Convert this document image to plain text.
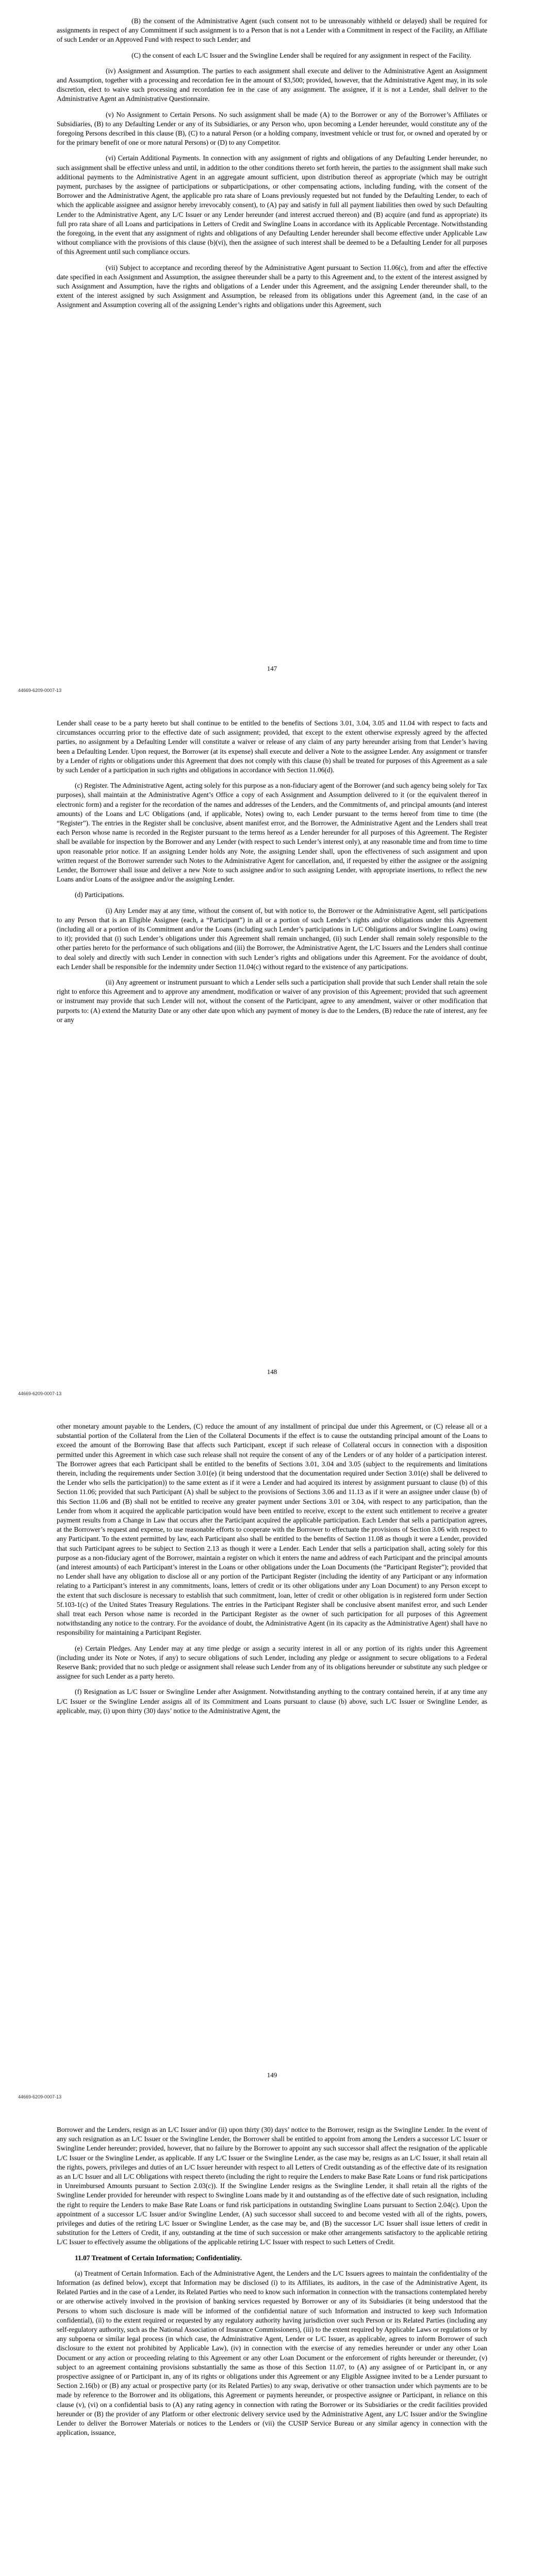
(B) the consent of the Administrative Agent (such consent not to be unreasonably withheld or delayed) shall be required for assignments in respect of any Commitment if such assignment is to a Person that is not a Lender with a Commitment in respect of the Facility, an Affiliate of such Lender or an Approved Fund with respect to such Lender; and

(C) the consent of each L/C Issuer and the Swingline Lender shall be required for any assignment in respect of the Facility.

(iv) Assignment and Assumption. The parties to each assignment shall execute and deliver to the Administrative Agent an Assignment and Assumption, together with a processing and recordation fee in the amount of $3,500; provided, however, that the Administrative Agent may, in its sole discretion, elect to waive such processing and recordation fee in the case of any assignment. The assignee, if it is not a Lender, shall deliver to the Administrative Agent an Administrative Questionnaire.

(v) No Assignment to Certain Persons. No such assignment shall be made (A) to the Borrower or any of the Borrower’s Affiliates or Subsidiaries, (B) to any Defaulting Lender or any of its Subsidiaries, or any Person who, upon becoming a Lender hereunder, would constitute any of the foregoing Persons described in this clause (B), (C) to a natural Person (or a holding company, investment vehicle or trust for, or owned and operated by or for the primary benefit of one or more natural Persons) or (D) to any Competitor.

(vi) Certain Additional Payments. In connection with any assignment of rights and obligations of any Defaulting Lender hereunder, no such assignment shall be effective unless and until, in addition to the other conditions thereto set forth herein, the parties to the assignment shall make such additional payments to the Administrative Agent in an aggregate amount sufficient, upon distribution thereof as appropriate (which may be outright payment, purchases by the assignee of participations or subparticipations, or other compensating actions, including funding, with the consent of the Borrower and the Administrative Agent, the applicable pro rata share of Loans previously requested but not funded by the Defaulting Lender, to each of which the applicable assignee and assignor hereby irrevocably consent), to (A) pay and satisfy in full all payment liabilities then owed by such Defaulting Lender to the Administrative Agent, any L/C Issuer or any Lender hereunder (and interest accrued thereon) and (B) acquire (and fund as appropriate) its full pro rata share of all Loans and participations in Letters of Credit and Swingline Loans in accordance with its Applicable Percentage. Notwithstanding the foregoing, in the event that any assignment of rights and obligations of any Defaulting Lender hereunder shall become effective under Applicable Law without compliance with the provisions of this clause (b)(vi), then the assignee of such interest shall be deemed to be a Defaulting Lender for all purposes of this Agreement until such compliance occurs.

(vii) Subject to acceptance and recording thereof by the Administrative Agent pursuant to Section 11.06(c), from and after the effective date specified in each Assignment and Assumption, the assignee thereunder shall be a party to this Agreement and, to the extent of the interest assigned by such Assignment and Assumption, have the rights and obligations of a Lender under this Agreement, and the assigning Lender thereunder shall, to the extent of the interest assigned by such Assignment and Assumption, be released from its obligations under this Agreement (and, in the case of an Assignment and Assumption covering all of the assigning Lender’s rights and obligations under this Agreement, such

147
44669-6209-0007-13

Lender shall cease to be a party hereto but shall continue to be entitled to the benefits of Sections 3.01, 3.04, 3.05 and 11.04 with respect to facts and circumstances occurring prior to the effective date of such assignment; provided, that except to the extent otherwise expressly agreed by the affected parties, no assignment by a Defaulting Lender will constitute a waiver or release of any claim of any party hereunder arising from that Lender’s having been a Defaulting Lender. Upon request, the Borrower (at its expense) shall execute and deliver a Note to the assignee Lender. Any assignment or transfer by a Lender of rights or obligations under this Agreement that does not comply with this clause (b) shall be treated for purposes of this Agreement as a sale by such Lender of a participation in such rights and obligations in accordance with Section 11.06(d).

(c) Register. The Administrative Agent, acting solely for this purpose as a non-fiduciary agent of the Borrower (and such agency being solely for Tax purposes), shall maintain at the Administrative Agent’s Office a copy of each Assignment and Assumption delivered to it (or the equivalent thereof in electronic form) and a register for the recordation of the names and addresses of the Lenders, and the Commitments of, and principal amounts (and interest amounts) of the Loans and L/C Obligations (and, if applicable, Notes) owing to, each Lender pursuant to the terms hereof from time to time (the “Register”). The entries in the Register shall be conclusive, absent manifest error, and the Borrower, the Administrative Agent and the Lenders shall treat each Person whose name is recorded in the Register pursuant to the terms hereof as a Lender hereunder for all purposes of this Agreement. The Register shall be available for inspection by the Borrower and any Lender (with respect to such Lender’s interest only), at any reasonable time and from time to time upon reasonable prior notice. If an assigning Lender holds any Note, the assigning Lender shall, upon the effectiveness of such assignment and upon written request of the Borrower surrender such Notes to the Administrative Agent for cancellation, and, if requested by either the assignee or the assigning Lender, the Borrower shall issue and deliver a new Note to such assignee and/or to such assigning Lender, with appropriate insertions, to reflect the new Loans and/or Loans of the assignee and/or the assigning Lender.

(d) Participations.

(i) Any Lender may at any time, without the consent of, but with notice to, the Borrower or the Administrative Agent, sell participations to any Person that is an Eligible Assignee (each, a “Participant”) in all or a portion of such Lender’s rights and/or obligations under this Agreement (including all or a portion of its Commitment and/or the Loans (including such Lender’s participations in L/C Obligations and/or Swingline Loans) owing to it); provided that (i) such Lender’s obligations under this Agreement shall remain unchanged, (ii) such Lender shall remain solely responsible to the other parties hereto for the performance of such obligations and (iii) the Borrower, the Administrative Agent, the L/C Issuers and the Lenders shall continue to deal solely and directly with such Lender in connection with such Lender’s rights and obligations under this Agreement. For the avoidance of doubt, each Lender shall be responsible for the indemnity under Section 11.04(c) without regard to the existence of any participations.

(ii) Any agreement or instrument pursuant to which a Lender sells such a participation shall provide that such Lender shall retain the sole right to enforce this Agreement and to approve any amendment, modification or waiver of any provision of this Agreement; provided that such agreement or instrument may provide that such Lender will not, without the consent of the Participant, agree to any amendment, waiver or other modification that purports to: (A) extend the Maturity Date or any other date upon which any payment of money is due to the Lenders, (B) reduce the rate of interest, any fee or any

148
44669-6209-0007-13

other monetary amount payable to the Lenders, (C) reduce the amount of any installment of principal due under this Agreement, or (C) release all or a substantial portion of the Collateral from the Lien of the Collateral Documents if the effect is to cause the outstanding principal amount of the Loans to exceed the amount of the Borrowing Base that affects such Participant, except if such release of Collateral occurs in connection with a disposition permitted under this Agreement in which case such release shall not require the consent of any of the Lenders or of any holder of a participation interest. The Borrower agrees that each Participant shall be entitled to the benefits of Sections 3.01, 3.04 and 3.05 (subject to the requirements and limitations therein, including the requirements under Section 3.01(e) (it being understood that the documentation required under Section 3.01(e) shall be delivered to the Lender who sells the participation)) to the same extent as if it were a Lender and had acquired its interest by assignment pursuant to clause (b) of this Section 11.06; provided that such Participant (A) shall be subject to the provisions of Sections 3.06 and 11.13 as if it were an assignee under clause (b) of this Section 11.06 and (B) shall not be entitled to receive any greater payment under Sections 3.01 or 3.04, with respect to any participation, than the Lender from whom it acquired the applicable participation would have been entitled to receive, except to the extent such entitlement to receive a greater payment results from a Change in Law that occurs after the Participant acquired the applicable participation. Each Lender that sells a participation agrees, at the Borrower’s request and expense, to use reasonable efforts to cooperate with the Borrower to effectuate the provisions of Section 3.06 with respect to any Participant. To the extent permitted by law, each Participant also shall be entitled to the benefits of Section 11.08 as though it were a Lender, provided that such Participant agrees to be subject to Section 2.13 as though it were a Lender. Each Lender that sells a participation shall, acting solely for this purpose as a non-fiduciary agent of the Borrower, maintain a register on which it enters the name and address of each Participant and the principal amounts (and interest amounts) of each Participant’s interest in the Loans or other obligations under the Loan Documents (the “Participant Register”); provided that no Lender shall have any obligation to disclose all or any portion of the Participant Register (including the identity of any Participant or any information relating to a Participant’s interest in any commitments, loans, letters of credit or its other obligations under any Loan Document) to any Person except to the extent that such disclosure is necessary to establish that such commitment, loan, letter of credit or other obligation is in registered form under Section 5f.103-1(c) of the United States Treasury Regulations. The entries in the Participant Register shall be conclusive absent manifest error, and such Lender shall treat each Person whose name is recorded in the Participant Register as the owner of such participation for all purposes of this Agreement notwithstanding any notice to the contrary. For the avoidance of doubt, the Administrative Agent (in its capacity as the Administrative Agent) shall have no responsibility for maintaining a Participant Register.

(e) Certain Pledges. Any Lender may at any time pledge or assign a security interest in all or any portion of its rights under this Agreement (including under its Note or Notes, if any) to secure obligations of such Lender, including any pledge or assignment to secure obligations to a Federal Reserve Bank; provided that no such pledge or assignment shall release such Lender from any of its obligations hereunder or substitute any such pledgee or assignee for such Lender as a party hereto.

(f) Resignation as L/C Issuer or Swingline Lender after Assignment. Notwithstanding anything to the contrary contained herein, if at any time any L/C Issuer or the Swingline Lender assigns all of its Commitment and Loans pursuant to clause (b) above, such L/C Issuer or Swingline Lender, as applicable, may, (i) upon thirty (30) days’ notice to the Administrative Agent, the

149
44669-6209-0007-13

Borrower and the Lenders, resign as an L/C Issuer and/or (ii) upon thirty (30) days’ notice to the Borrower, resign as the Swingline Lender. In the event of any such resignation as an L/C Issuer or the Swingline Lender, the Borrower shall be entitled to appoint from among the Lenders a successor L/C Issuer or Swingline Lender hereunder; provided, however, that no failure by the Borrower to appoint any such successor shall affect the resignation of the applicable L/C Issuer or the Swingline Lender, as applicable. If any L/C Issuer or the Swingline Lender, as the case may be, resigns as an L/C Issuer, it shall retain all the rights, powers, privileges and duties of an L/C Issuer hereunder with respect to all Letters of Credit outstanding as of the effective date of its resignation as an L/C Issuer and all L/C Obligations with respect thereto (including the right to require the Lenders to make Base Rate Loans or fund risk participations in Unreimbursed Amounts pursuant to Section 2.03(c)). If the Swingline Lender resigns as the Swingline Lender, it shall retain all the rights of the Swingline Lender provided for hereunder with respect to Swingline Loans made by it and outstanding as of the effective date of such resignation, including the right to require the Lenders to make Base Rate Loans or fund risk participations in outstanding Swingline Loans pursuant to Section 2.04(c). Upon the appointment of a successor L/C Issuer and/or Swingline Lender, (A) such successor shall succeed to and become vested with all of the rights, powers, privileges and duties of the retiring L/C Issuer or Swingline Lender, as the case may be, and (B) the successor L/C Issuer shall issue letters of credit in substitution for the Letters of Credit, if any, outstanding at the time of such succession or make other arrangements satisfactory to the applicable retiring L/C Issuer to effectively assume the obligations of the applicable retiring L/C Issuer with respect to such Letters of Credit.

11.07 Treatment of Certain Information; Confidentiality.

(a) Treatment of Certain Information. Each of the Administrative Agent, the Lenders and the L/C Issuers agrees to maintain the confidentiality of the Information (as defined below), except that Information may be disclosed (i) to its Affiliates, its auditors, in the case of the Administrative Agent, its Related Parties and in the case of a Lender, its Related Parties who need to know such information in connection with the transactions contemplated hereby or are otherwise actively involved in the provision of banking services requested by Borrower or any of its Subsidiaries (it being understood that the Persons to whom such disclosure is made will be informed of the confidential nature of such Information and instructed to keep such Information confidential), (ii) to the extent required or requested by any regulatory authority having jurisdiction over such Person or its Related Parties (including any self-regulatory authority, such as the National Association of Insurance Commissioners), (iii) to the extent required by Applicable Laws or regulations or by any subpoena or similar legal process (in which case, the Administrative Agent, Lender or L/C Issuer, as applicable, agrees to inform Borrower of such disclosure to the extent not prohibited by Applicable Law), (iv) in connection with the exercise of any remedies hereunder or under any other Loan Document or any action or proceeding relating to this Agreement or any other Loan Document or the enforcement of rights hereunder or thereunder, (v) subject to an agreement containing provisions substantially the same as those of this Section 11.07, to (A) any assignee of or Participant in, or any prospective assignee of or Participant in, any of its rights or obligations under this Agreement or any Eligible Assignee invited to be a Lender pursuant to Section 2.16(b) or (B) any actual or prospective party (or its Related Parties) to any swap, derivative or other transaction under which payments are to be made by reference to the Borrower and its obligations, this Agreement or payments hereunder, or prospective assignee or Participant, in reliance on this clause (v), (vi) on a confidential basis to (A) any rating agency in connection with rating the Borrower or its Subsidiaries or the credit facilities provided hereunder or (B) the provider of any Platform or other electronic delivery service used by the Administrative Agent, any L/C Issuer and/or the Swingline Lender to deliver the Borrower Materials or notices to the Lenders or (vii) the CUSIP Service Bureau or any similar agency in connection with the application, issuance,
